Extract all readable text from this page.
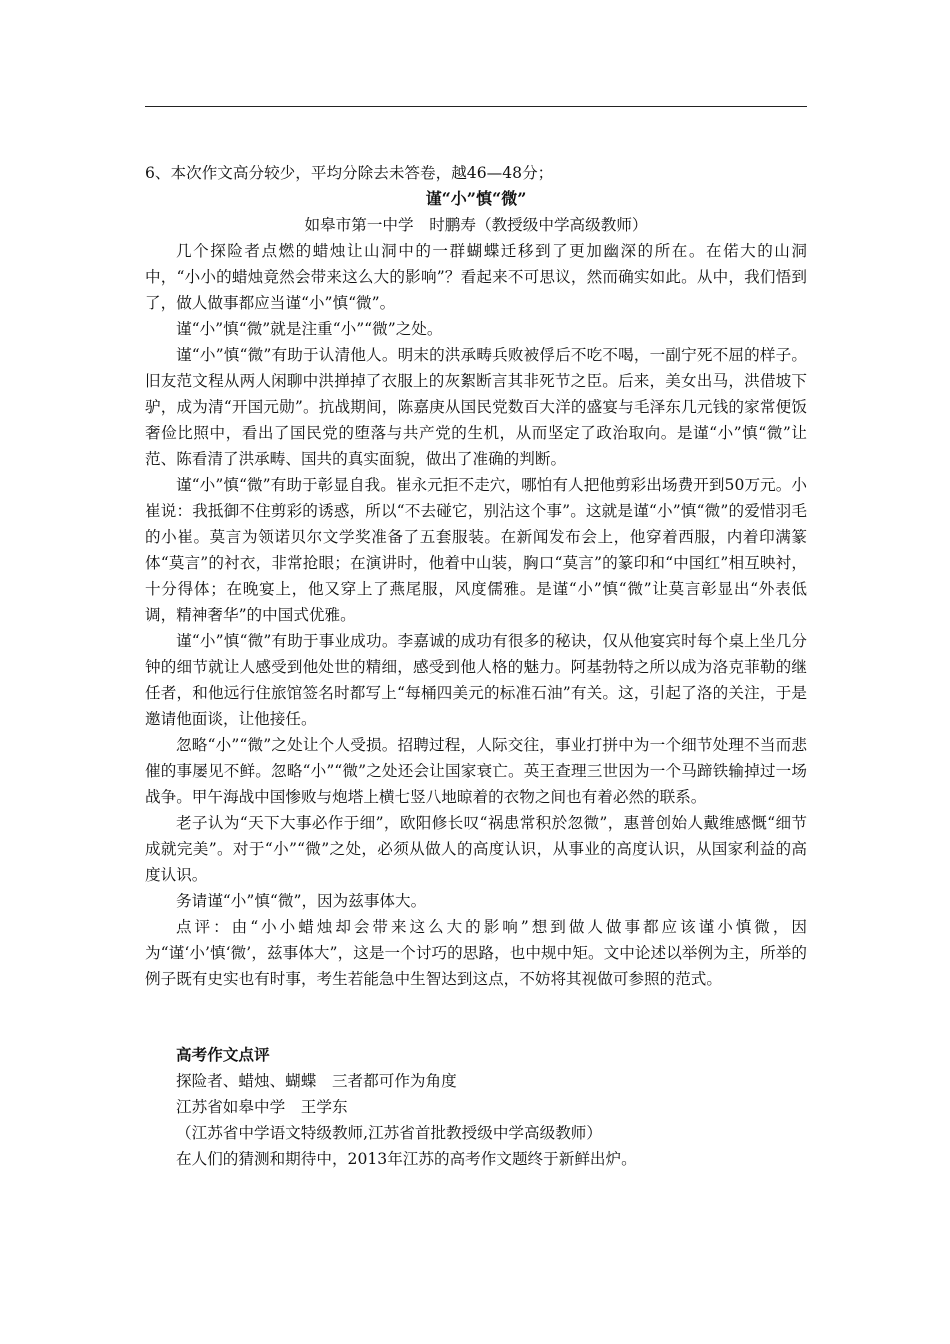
6、本次作文高分较少，平均分除去未答卷，越46—48分；

谨“小”慎“微”

如皋市第一中学　时鹏寿（教授级中学高级教师）

几个探险者点燃的蜡烛让山洞中的一群蝴蝶迁移到了更加幽深的所在。在偌大的山洞中，“小小的蜡烛竟然会带来这么大的影响”？看起来不可思议，然而确实如此。从中，我们悟到了，做人做事都应当谨“小”慎“微”。

谨“小”慎“微”就是注重“小”“微”之处。

谨“小”慎“微”有助于认清他人。明末的洪承畴兵败被俘后不吃不喝，一副宁死不屈的样子。旧友范文程从两人闲聊中洪掸掉了衣服上的灰絮断言其非死节之臣。后来，美女出马，洪借坡下驴，成为清“开国元勋”。抗战期间，陈嘉庚从国民党数百大洋的盛宴与毛泽东几元钱的家常便饭奢俭比照中，看出了国民党的堕落与共产党的生机，从而坚定了政治取向。是谨“小”慎“微”让范、陈看清了洪承畴、国共的真实面貌，做出了准确的判断。

谨“小”慎“微”有助于彰显自我。崔永元拒不走穴，哪怕有人把他剪彩出场费开到50万元。小崔说：我抵御不住剪彩的诱惑，所以“不去碰它，别沾这个事”。这就是谨“小”慎“微”的爱惜羽毛的小崔。莫言为领诺贝尔文学奖准备了五套服装。在新闻发布会上，他穿着西服，内着印满篆体“莫言”的衬衣，非常抢眼；在演讲时，他着中山装，胸口“莫言”的篆印和“中国红”相互映衬，十分得体；在晚宴上，他又穿上了燕尾服，风度儒雅。是谨“小”慎“微”让莫言彰显出“外表低调，精神奢华”的中国式优雅。

谨“小”慎“微”有助于事业成功。李嘉诚的成功有很多的秘诀，仅从他宴宾时每个桌上坐几分钟的细节就让人感受到他处世的精细，感受到他人格的魅力。阿基勃特之所以成为洛克菲勒的继任者，和他远行住旅馆签名时都写上“每桶四美元的标准石油”有关。这，引起了洛的关注，于是邀请他面谈，让他接任。

忽略“小”“微”之处让个人受损。招聘过程，人际交往，事业打拼中为一个细节处理不当而悲催的事屡见不鲜。忽略“小”“微”之处还会让国家衰亡。英王查理三世因为一个马蹄铁输掉过一场战争。甲午海战中国惨败与炮塔上横七竖八地晾着的衣物之间也有着必然的联系。

老子认为“天下大事必作于细”，欧阳修长叹“祸患常积於忽微”，惠普创始人戴维感慨“细节成就完美”。对于“小”“微”之处，必须从做人的高度认识，从事业的高度认识，从国家利益的高度认识。

务请谨“小”慎“微”，因为兹事体大。

点评：由“小小蜡烛却会带来这么大的影响”想到做人做事都应该谨小慎微，因为“谨‘小’慎‘微’，兹事体大”，这是一个讨巧的思路，也中规中矩。文中论述以举例为主，所举的例子既有史实也有时事，考生若能急中生智达到这点，不妨将其视做可参照的范式。

高考作文点评

探险者、蜡烛、蝴蝶　三者都可作为角度

江苏省如皋中学　王学东

（江苏省中学语文特级教师,江苏省首批教授级中学高级教师）

在人们的猜测和期待中，2013年江苏的高考作文题终于新鲜出炉。
